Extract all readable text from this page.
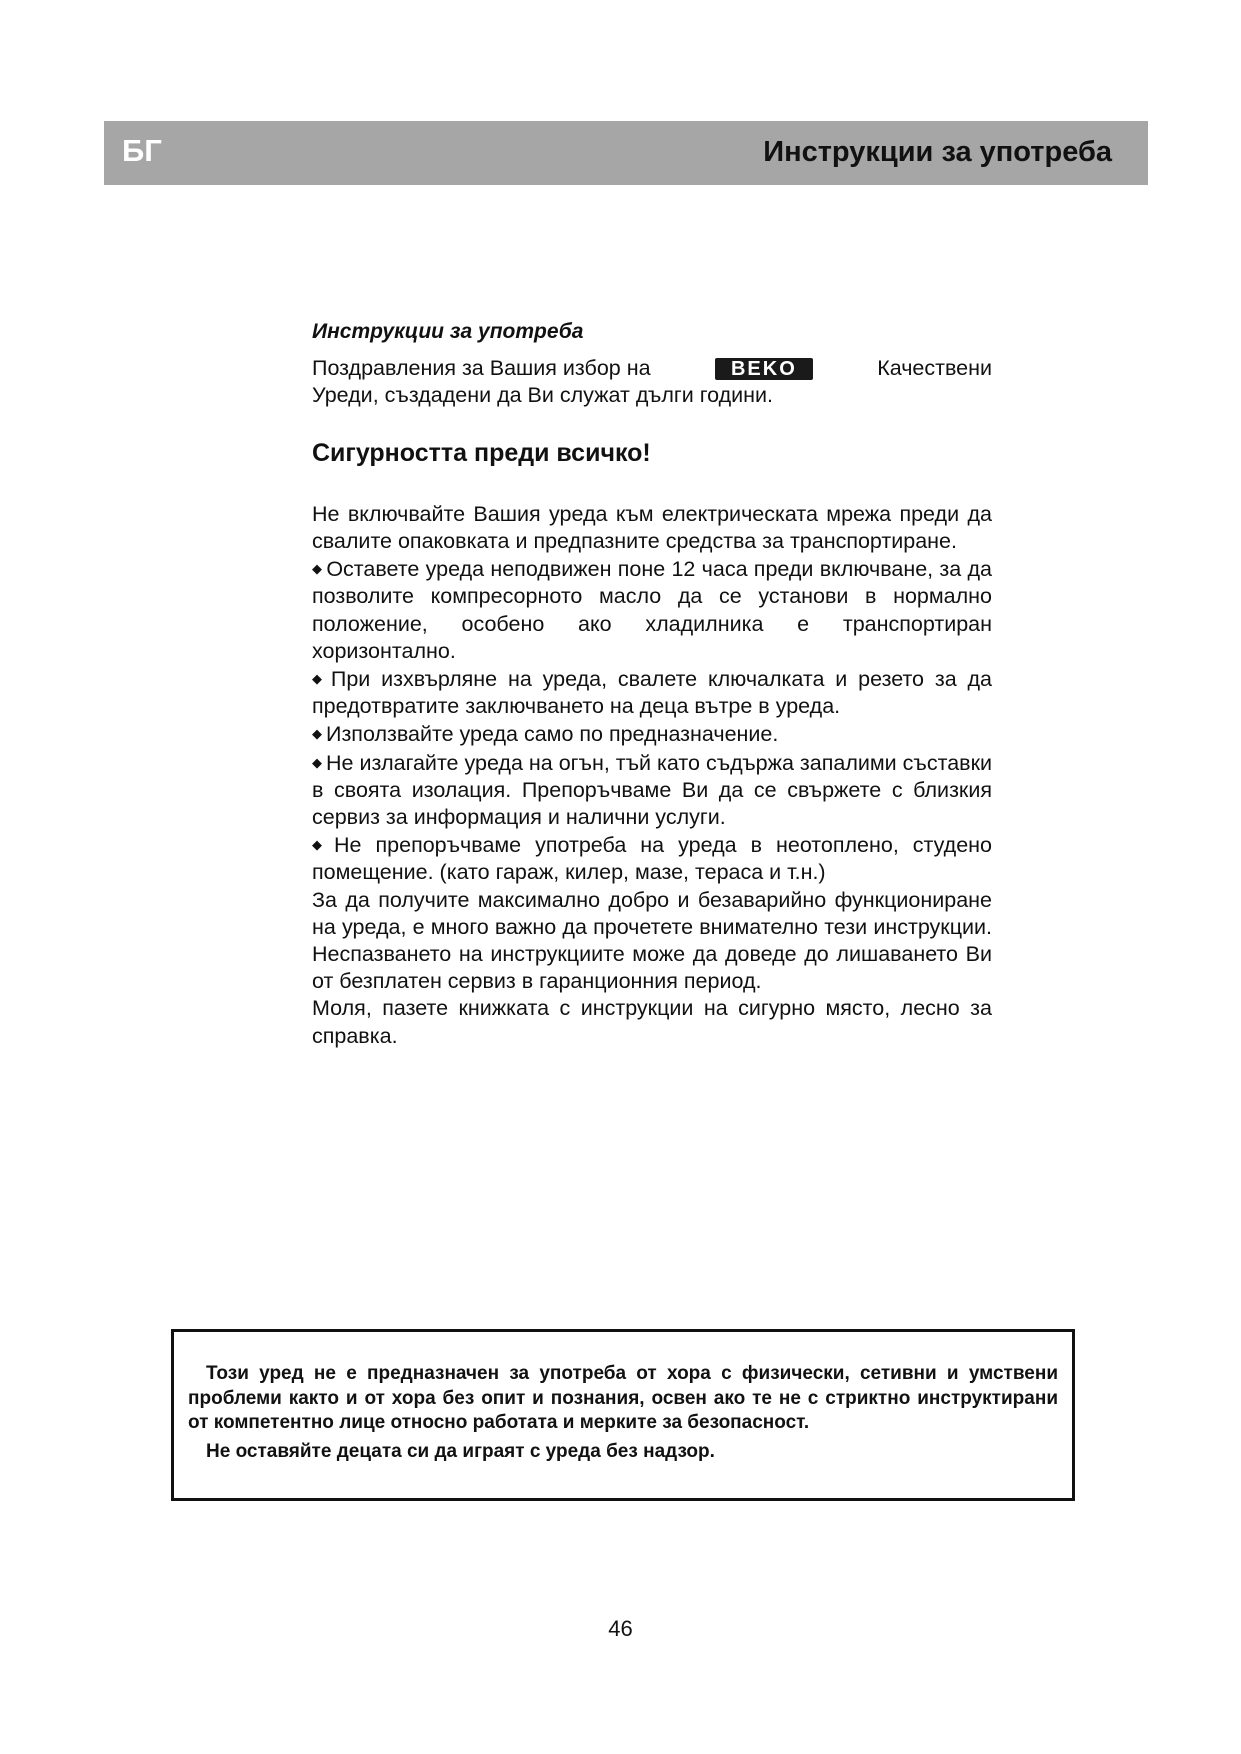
БГ	Инструкции за употреба

Инструкции за употреба

Поздравления за Вашия избор на	BEKO	Качествени
Уреди, създадени да Ви служат дълги години.
Сигурността преди всичко!

Не включвайте Вашия уреда към електрическата мрежа преди да свалите опаковката и предпазните средства за транспортиране.

◆ Оставете уреда неподвижен поне 12 часа преди включване, за да позволите компресорното масло да се установи в нормално положение, особено ако хладилника е транспортиран хоризонтално.

◆ При изхвърляне на уреда, свалете ключалката и резето за да предотвратите заключването на деца вътре в уреда.

◆ Използвайте уреда само по предназначение.

◆ Не излагайте уреда на огън, тъй като съдържа запалими съставки в своята изолация. Препоръчваме Ви да се свържете с близкия сервиз за информация и налични услуги.

◆ Не препоръчваме употреба на уреда в неотоплено, студено помещение. (като гараж, килер, мазе, тераса и т.н.)

За да получите максимално добро и безаварийно функциониране на уреда, е много важно да прочетете внимателно тези инструкции. Неспазването на инструкциите може да доведе до лишаването Ви от безплатен сервиз в гаранционния период.

Моля, пазете книжката с инструкции на сигурно място, лесно за справка.

Този уред не е предназначен за употреба от хора с физически, сетивни и умствени проблеми както и от хора без опит и познания, освен ако те не с стриктно инструктирани от компетентно лице относно работата и мерките за безопасност.

Не оставяйте децата си да играят с уреда без надзор.

46
